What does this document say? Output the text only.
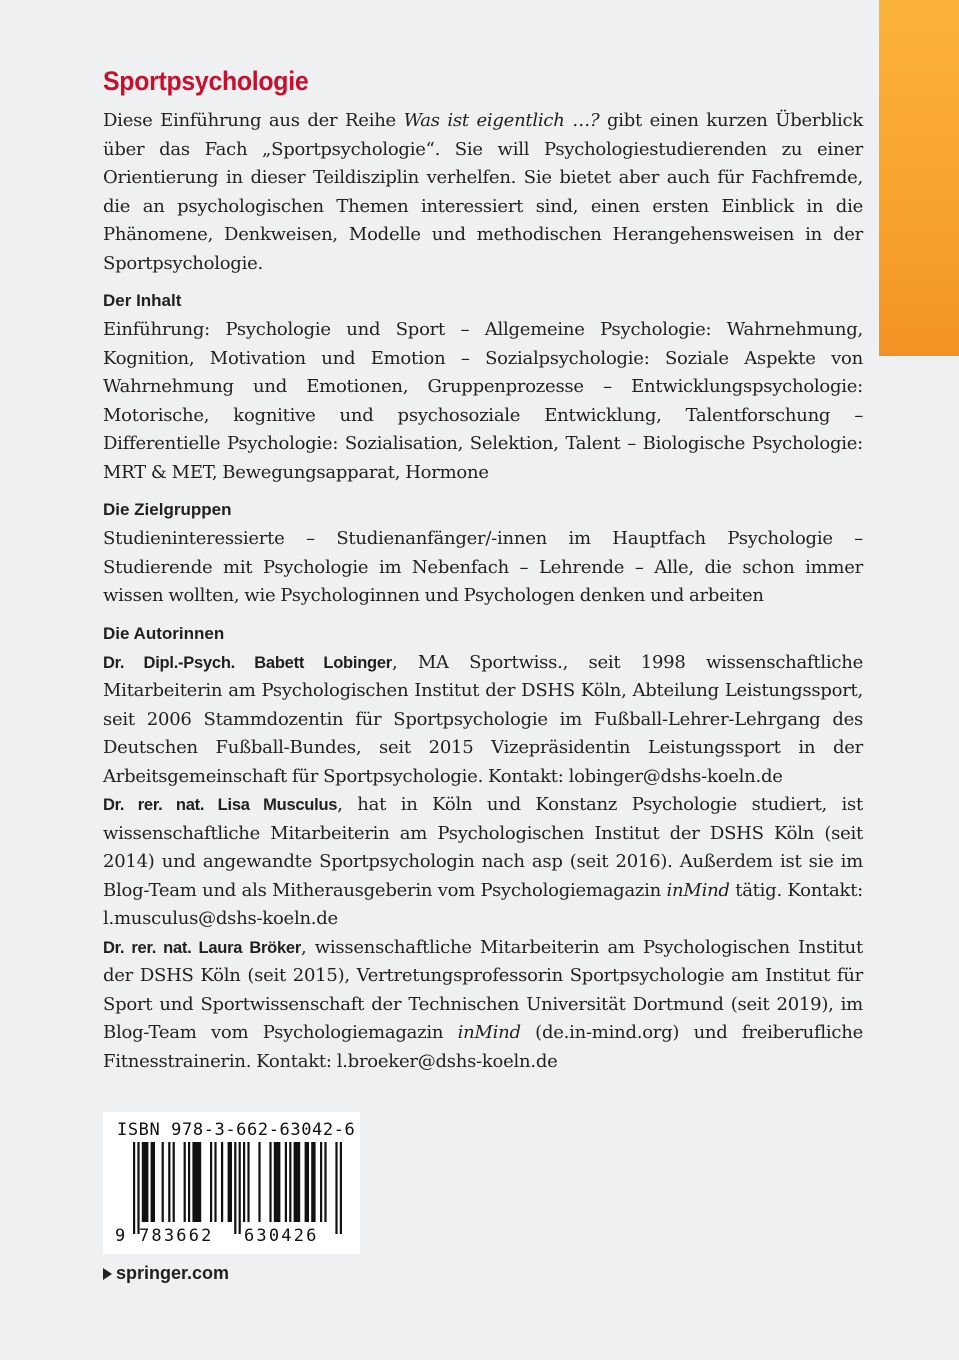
Sportpsychologie

Diese Einführung aus der Reihe Was ist eigentlich …? gibt einen kurzen Überblick über das Fach „Sportpsychologie“. Sie will Psychologiestudierenden zu einer Orientierung in dieser Teildisziplin verhelfen. Sie bietet aber auch für Fachfremde, die an psychologischen Themen interessiert sind, einen ersten Einblick in die Phänomene, Denkweisen, Modelle und methodischen Herangehensweisen in der Sportpsychologie.

Der Inhalt

Einführung: Psychologie und Sport – Allgemeine Psychologie: Wahrnehmung, Kognition, Motivation und Emotion – Sozialpsychologie: Soziale Aspekte von Wahrnehmung und Emotionen, Gruppenprozesse – Entwicklungspsychologie: Motorische, kognitive und psychosoziale Entwicklung, Talentforschung – Differentielle Psychologie: Sozialisation, Selektion, Talent – Biologische Psychologie: MRT & MET, Bewegungsapparat, Hormone

Die Zielgruppen

Studieninteressierte – Studienanfänger/-innen im Hauptfach Psychologie – Studierende mit Psychologie im Nebenfach – Lehrende – Alle, die schon immer wissen wollten, wie Psychologinnen und Psychologen denken und arbeiten

Die Autorinnen

Dr. Dipl.-Psych. Babett Lobinger, MA Sportwiss., seit 1998 wissenschaftliche Mitarbeiterin am Psychologischen Institut der DSHS Köln, Abteilung Leistungssport, seit 2006 Stammdozentin für Sportpsychologie im Fußball-Lehrer-Lehrgang des Deutschen Fußball-Bundes, seit 2015 Vizepräsidentin Leistungssport in der Arbeitsgemeinschaft für Sportpsychologie. Kontakt: lobinger@dshs-koeln.de

Dr. rer. nat. Lisa Musculus, hat in Köln und Konstanz Psychologie studiert, ist wissenschaftliche Mitarbeiterin am Psychologischen Institut der DSHS Köln (seit 2014) und angewandte Sportpsychologin nach asp (seit 2016). Außerdem ist sie im Blog-Team und als Mitherausgeberin vom Psychologiemagazin inMind tätig. Kontakt: l.musculus@dshs-koeln.de

Dr. rer. nat. Laura Bröker, wissenschaftliche Mitarbeiterin am Psychologischen Institut der DSHS Köln (seit 2015), Vertretungsprofessorin Sportpsychologie am Institut für Sport und Sportwissenschaft der Technischen Universität Dortmund (seit 2019), im Blog-Team vom Psychologiemagazin inMind (de.in-mind.org) und freiberufliche Fitnesstrainerin. Kontakt: l.broeker@dshs-koeln.de

ISBN 978-3-662-63042-6
9 783662 630426
springer.com
